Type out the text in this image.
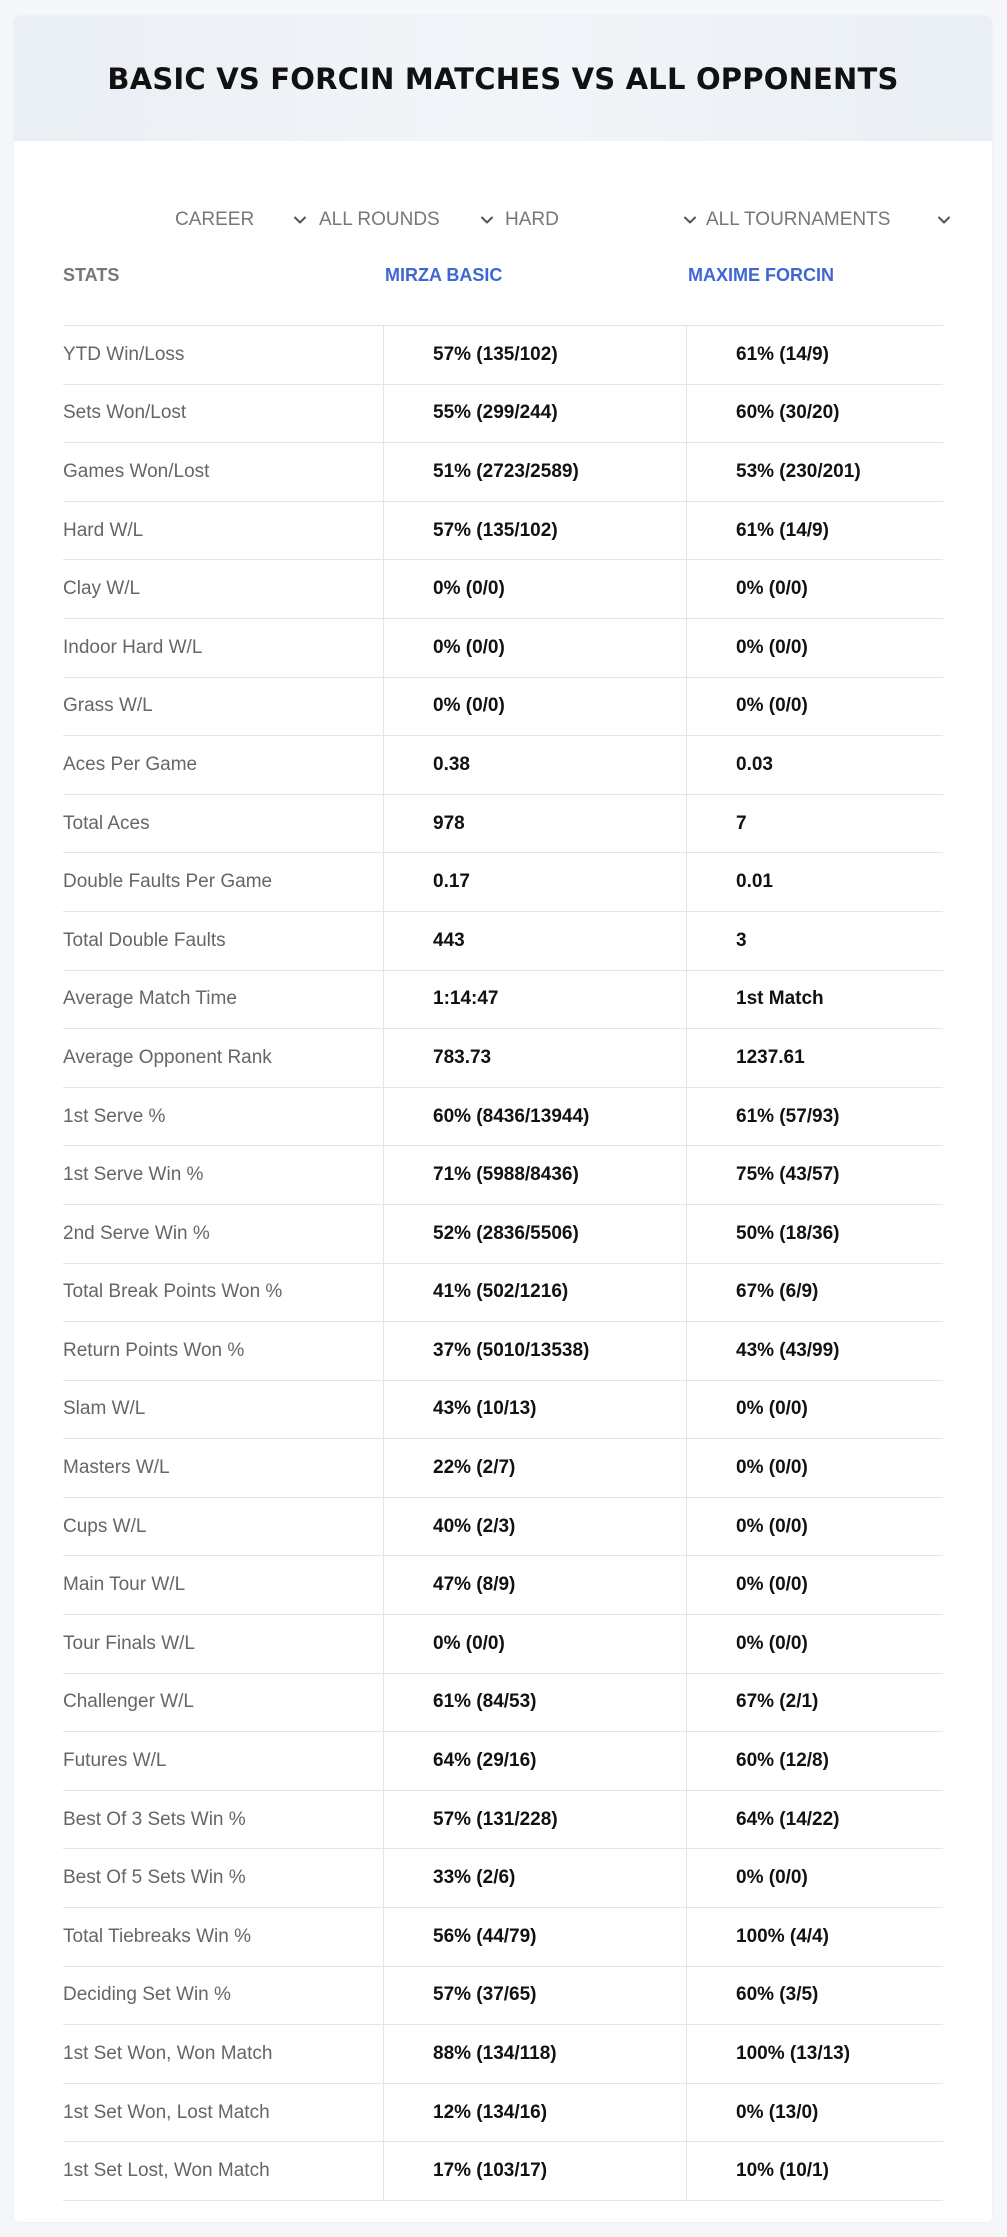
BASIC VS FORCIN MATCHES VS ALL OPPONENTS
CAREER	ALL ROUNDS	HARD	ALL TOURNAMENTS
STATS	MIRZA BASIC	MAXIME FORCIN
YTD Win/Loss	57% (135/102)	61% (14/9)
Sets Won/Lost	55% (299/244)	60% (30/20)
Games Won/Lost	51% (2723/2589)	53% (230/201)
Hard W/L	57% (135/102)	61% (14/9)
Clay W/L	0% (0/0)	0% (0/0)
Indoor Hard W/L	0% (0/0)	0% (0/0)
Grass W/L	0% (0/0)	0% (0/0)
Aces Per Game	0.38	0.03
Total Aces	978	7
Double Faults Per Game	0.17	0.01
Total Double Faults	443	3
Average Match Time	1:14:47	1st Match
Average Opponent Rank	783.73	1237.61
1st Serve %	60% (8436/13944)	61% (57/93)
1st Serve Win %	71% (5988/8436)	75% (43/57)
2nd Serve Win %	52% (2836/5506)	50% (18/36)
Total Break Points Won %	41% (502/1216)	67% (6/9)
Return Points Won %	37% (5010/13538)	43% (43/99)
Slam W/L	43% (10/13)	0% (0/0)
Masters W/L	22% (2/7)	0% (0/0)
Cups W/L	40% (2/3)	0% (0/0)
Main Tour W/L	47% (8/9)	0% (0/0)
Tour Finals W/L	0% (0/0)	0% (0/0)
Challenger W/L	61% (84/53)	67% (2/1)
Futures W/L	64% (29/16)	60% (12/8)
Best Of 3 Sets Win %	57% (131/228)	64% (14/22)
Best Of 5 Sets Win %	33% (2/6)	0% (0/0)
Total Tiebreaks Win %	56% (44/79)	100% (4/4)
Deciding Set Win %	57% (37/65)	60% (3/5)
1st Set Won, Won Match	88% (134/118)	100% (13/13)
1st Set Won, Lost Match	12% (134/16)	0% (13/0)
1st Set Lost, Won Match	17% (103/17)	10% (10/1)
